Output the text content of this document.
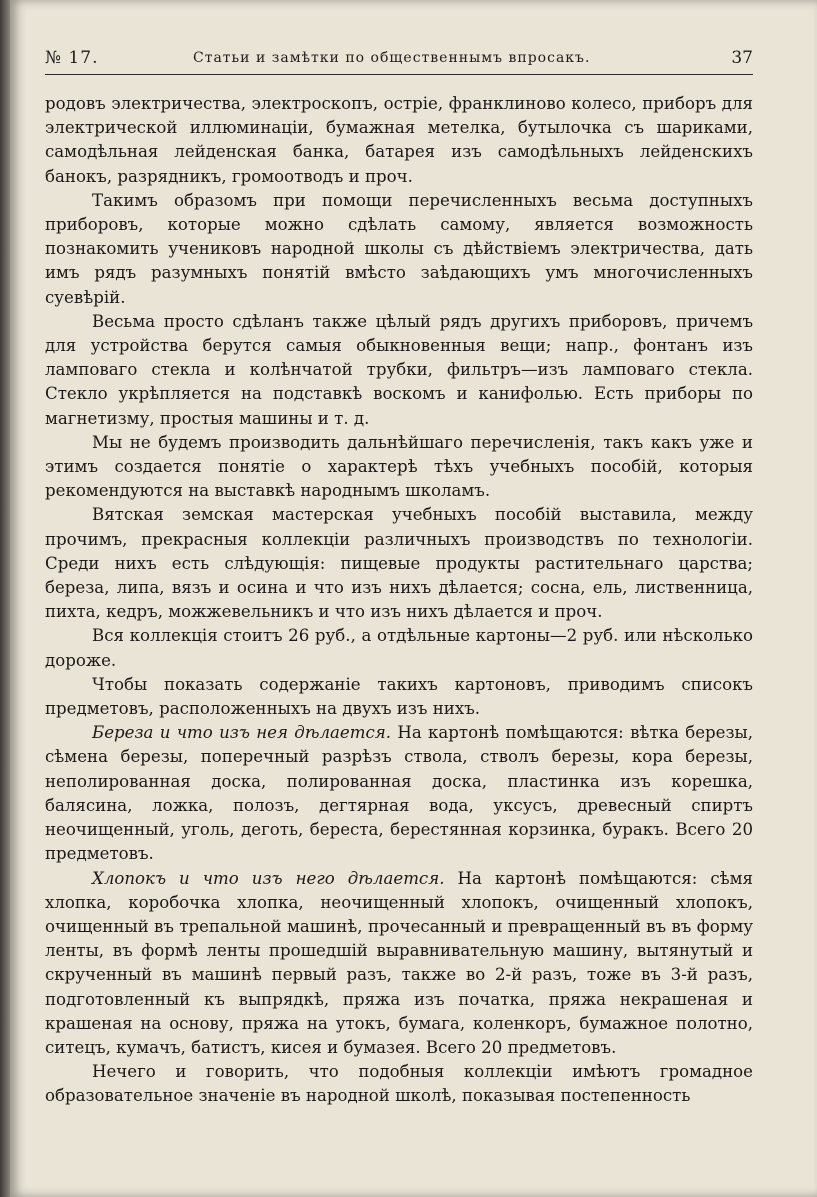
№ 17.	Статьи и замѣтки по общественнымъ впросакъ.	37

родовъ электричества, электроскопъ, остріе, франклиново колесо, приборъ для электрической иллюминаціи, бумажная метелка, бутылочка съ шариками, самодѣльная лейденская банка, батарея изъ самодѣльныхъ лейденскихъ банокъ, разрядникъ, громоотводъ и проч.

Такимъ образомъ при помощи перечисленныхъ весьма доступныхъ приборовъ, которые можно сдѣлать самому, является возможность познакомить учениковъ народной школы съ дѣйствіемъ электричества, дать имъ рядъ разумныхъ понятій вмѣсто заѣдающихъ умъ многочисленныхъ суевѣрій.

Весьма просто сдѣланъ также цѣлый рядъ другихъ приборовъ, причемъ для устройства берутся самыя обыкновенныя вещи; напр., фонтанъ изъ ламповаго стекла и колѣнчатой трубки, фильтръ—изъ ламповаго стекла. Стекло укрѣпляется на подставкѣ воскомъ и канифолью. Есть приборы по магнетизму, простыя машины и т. д.

Мы не будемъ производить дальнѣйшаго перечисленія, такъ какъ уже и этимъ создается понятіе о характерѣ тѣхъ учебныхъ пособій, которыя рекомендуются на выставкѣ народнымъ школамъ.

Вятская земская мастерская учебныхъ пособій выставила, между прочимъ, прекрасныя коллекціи различныхъ производствъ по технологіи. Среди нихъ есть слѣдующія: пищевые продукты растительнаго царства; береза, липа, вязъ и осина и что изъ нихъ дѣлается; сосна, ель, лиственница, пихта, кедръ, можжевельникъ и что изъ нихъ дѣлается и проч.

Вся коллекція стоитъ 26 руб., а отдѣльные картоны—2 руб. или нѣсколько дороже.

Чтобы показать содержаніе такихъ картоновъ, приводимъ списокъ предметовъ, расположенныхъ на двухъ изъ нихъ.

Береза и что изъ нея дѣлается. На картонѣ помѣщаются: вѣтка березы, сѣмена березы, поперечный разрѣзъ ствола, стволъ березы, кора березы, неполированная доска, полированная доска, пластинка изъ корешка, балясина, ложка, полозъ, дегтярная вода, уксусъ, древесный спиртъ неочищенный, уголь, деготь, береста, берестянная корзинка, буракъ. Всего 20 предметовъ.

Хлопокъ и что изъ него дѣлается. На картонѣ помѣщаются: сѣмя хлопка, коробочка хлопка, неочищенный хлопокъ, очищенный хлопокъ, очищенный въ трепальной машинѣ, прочесанный и превращенный въ въ форму ленты, въ формѣ ленты прошедшій выравнивательную машину, вытянутый и скрученный въ машинѣ первый разъ, также во 2-й разъ, тоже въ 3-й разъ, подготовленный къ выпрядкѣ, пряжа изъ початка, пряжа некрашеная и крашеная на основу, пряжа на утокъ, бумага, коленкоръ, бумажное полотно, ситецъ, кумачъ, батистъ, кисея и бумазея. Всего 20 предметовъ.

Нечего и говорить, что подобныя коллекціи имѣютъ громадное образовательное значеніе въ народной школѣ, показывая постепенность
